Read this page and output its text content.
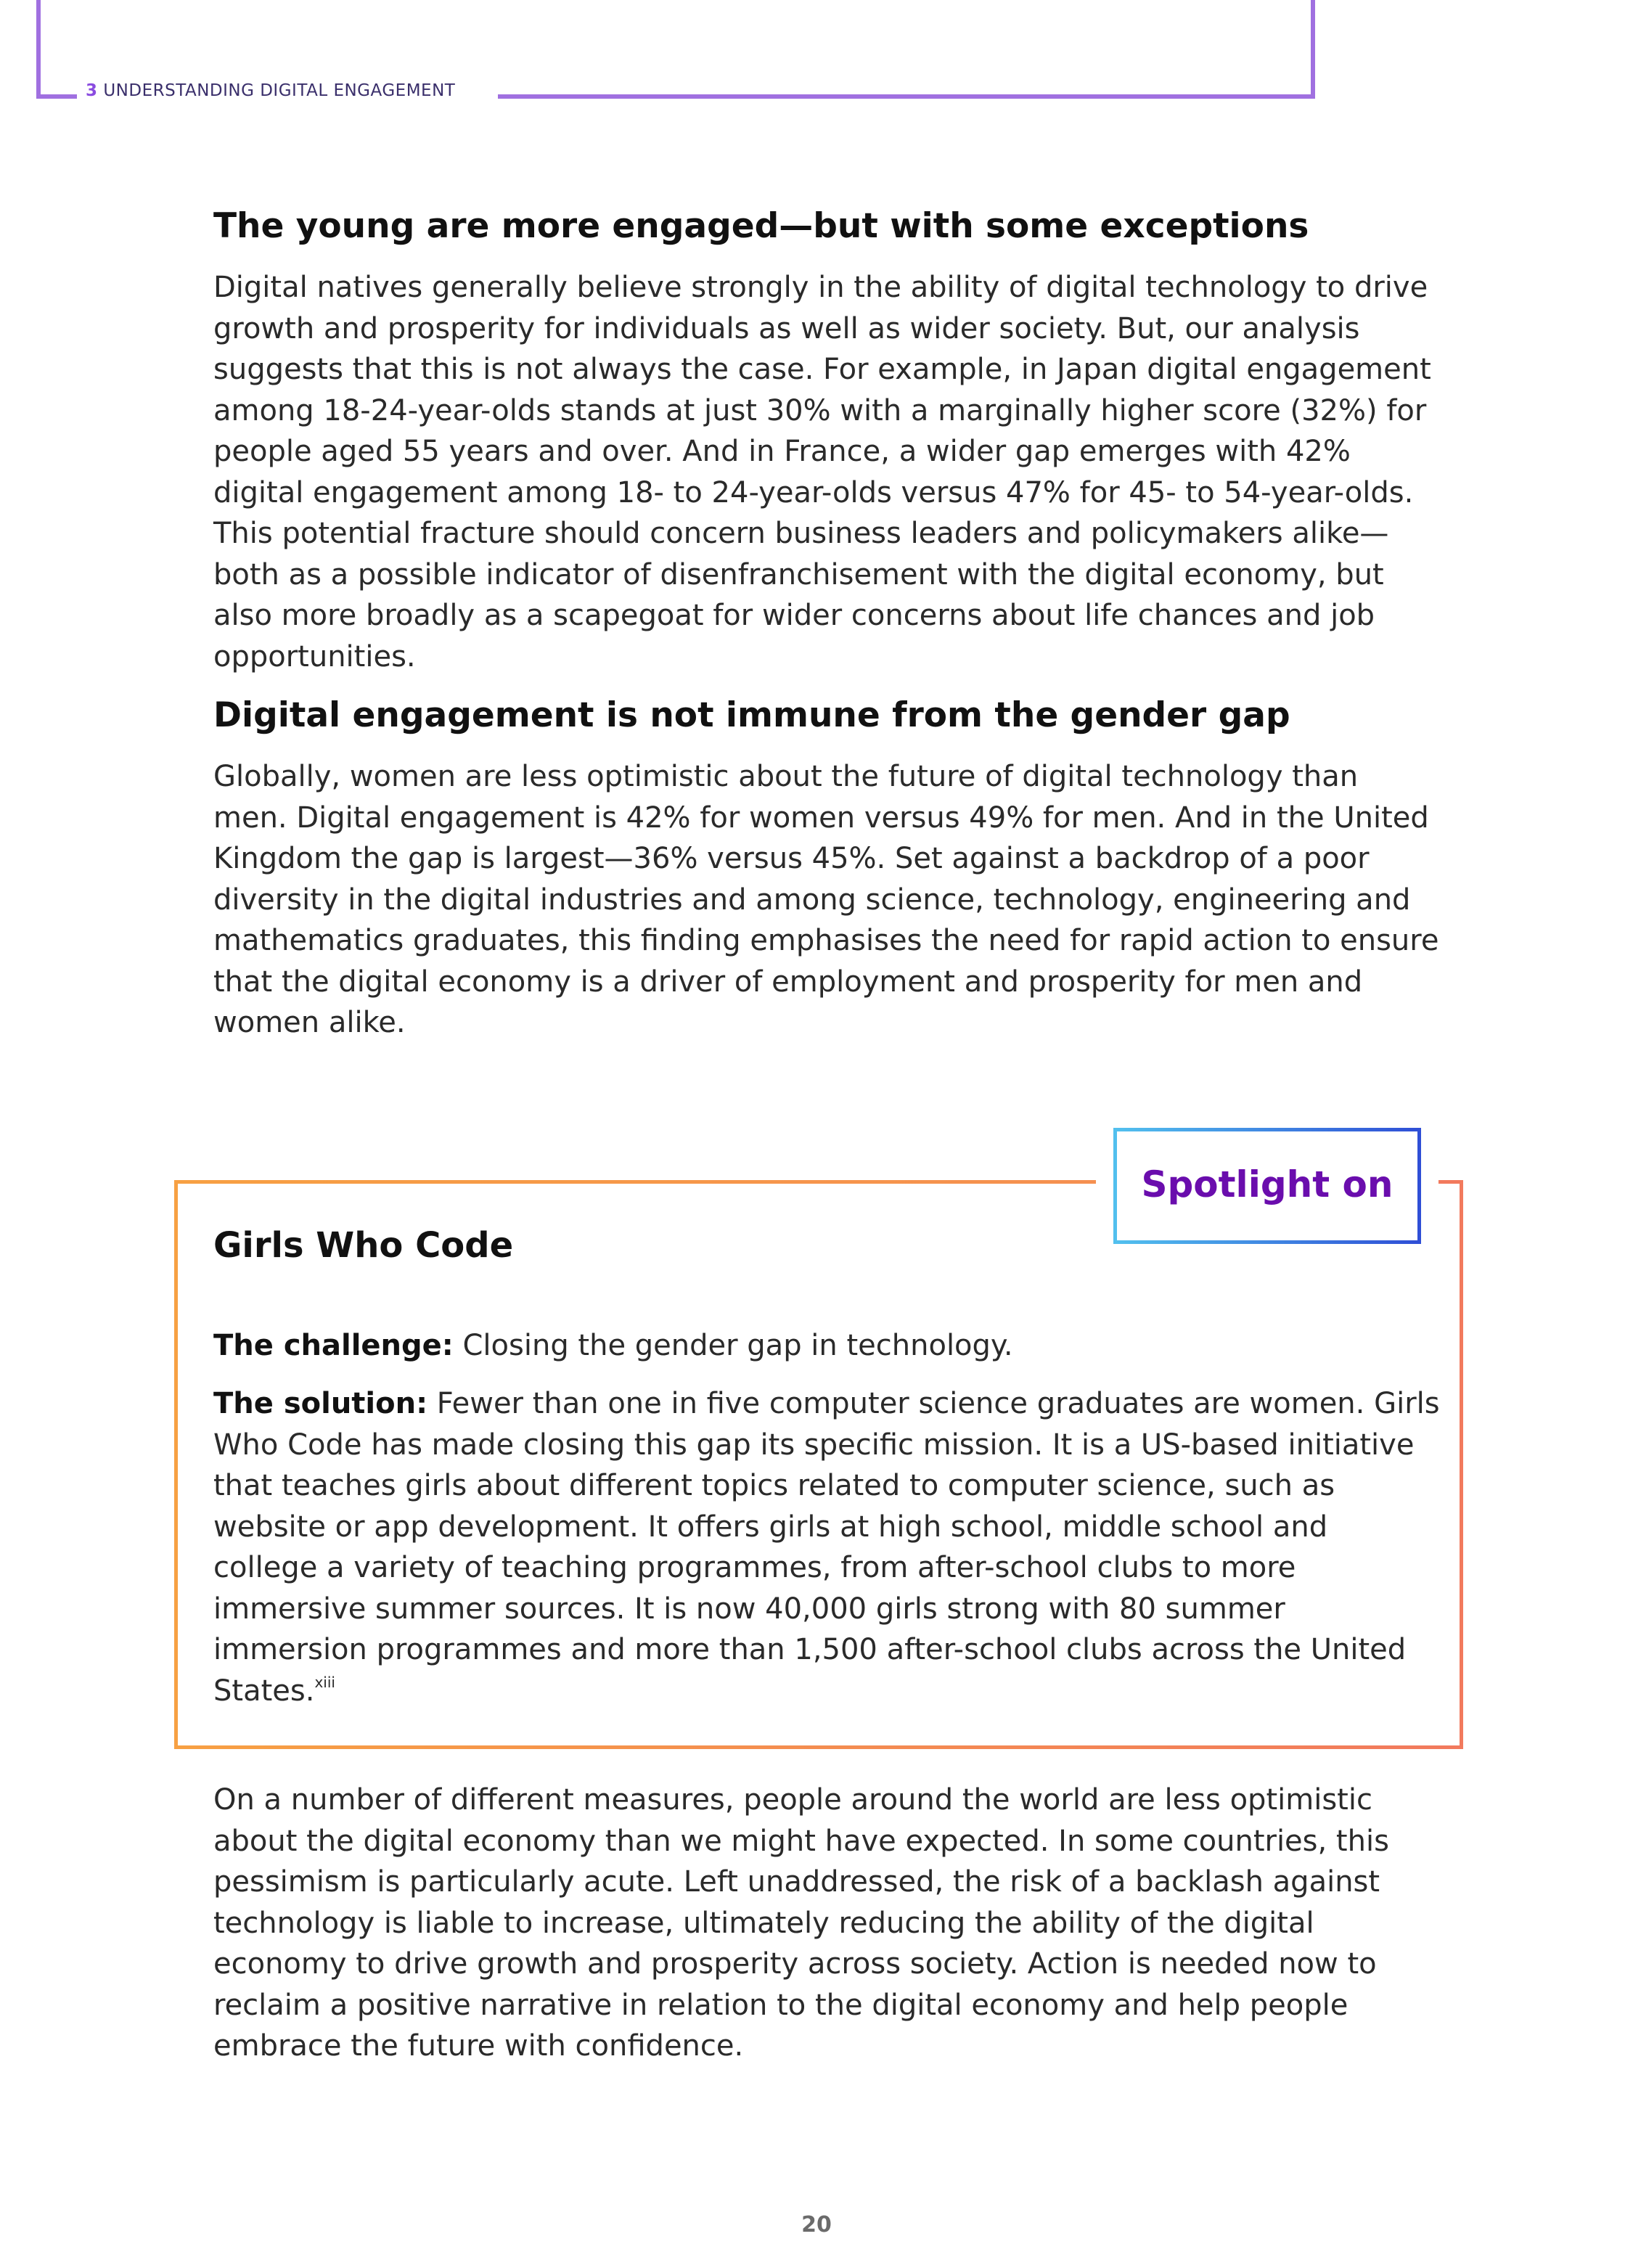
3 UNDERSTANDING DIGITAL ENGAGEMENT
The young are more engaged—but with some exceptions

Digital natives generally believe strongly in the ability of digital technology to drive growth and prosperity for individuals as well as wider society. But, our analysis suggests that this is not always the case. For example, in Japan digital engagement among 18-24-year-olds stands at just 30% with a marginally higher score (32%) for people aged 55 years and over. And in France, a wider gap emerges with 42% digital engagement among 18- to 24-year-olds versus 47% for 45- to 54-year-olds. This potential fracture should concern business leaders and policymakers alike—both as a possible indicator of disenfranchisement with the digital economy, but also more broadly as a scapegoat for wider concerns about life chances and job opportunities.

Digital engagement is not immune from the gender gap

Globally, women are less optimistic about the future of digital technology than men. Digital engagement is 42% for women versus 49% for men. And in the United Kingdom the gap is largest—36% versus 45%. Set against a backdrop of a poor diversity in the digital industries and among science, technology, engineering and mathematics graduates, this finding emphasises the need for rapid action to ensure that the digital economy is a driver of employment and prosperity for men and women alike.

Spotlight on
Girls Who Code
The challenge: Closing the gender gap in technology.
The solution: Fewer than one in five computer science graduates are women. Girls Who Code has made closing this gap its specific mission. It is a US-based initiative that teaches girls about different topics related to computer science, such as website or app development. It offers girls at high school, middle school and college a variety of teaching programmes, from after-school clubs to more immersive summer sources. It is now 40,000 girls strong with 80 summer immersion programmes and more than 1,500 after-school clubs across the United States.$^{xiii}$

On a number of different measures, people around the world are less optimistic about the digital economy than we might have expected. In some countries, this pessimism is particularly acute. Left unaddressed, the risk of a backlash against technology is liable to increase, ultimately reducing the ability of the digital economy to drive growth and prosperity across society. Action is needed now to reclaim a positive narrative in relation to the digital economy and help people embrace the future with confidence.

20
